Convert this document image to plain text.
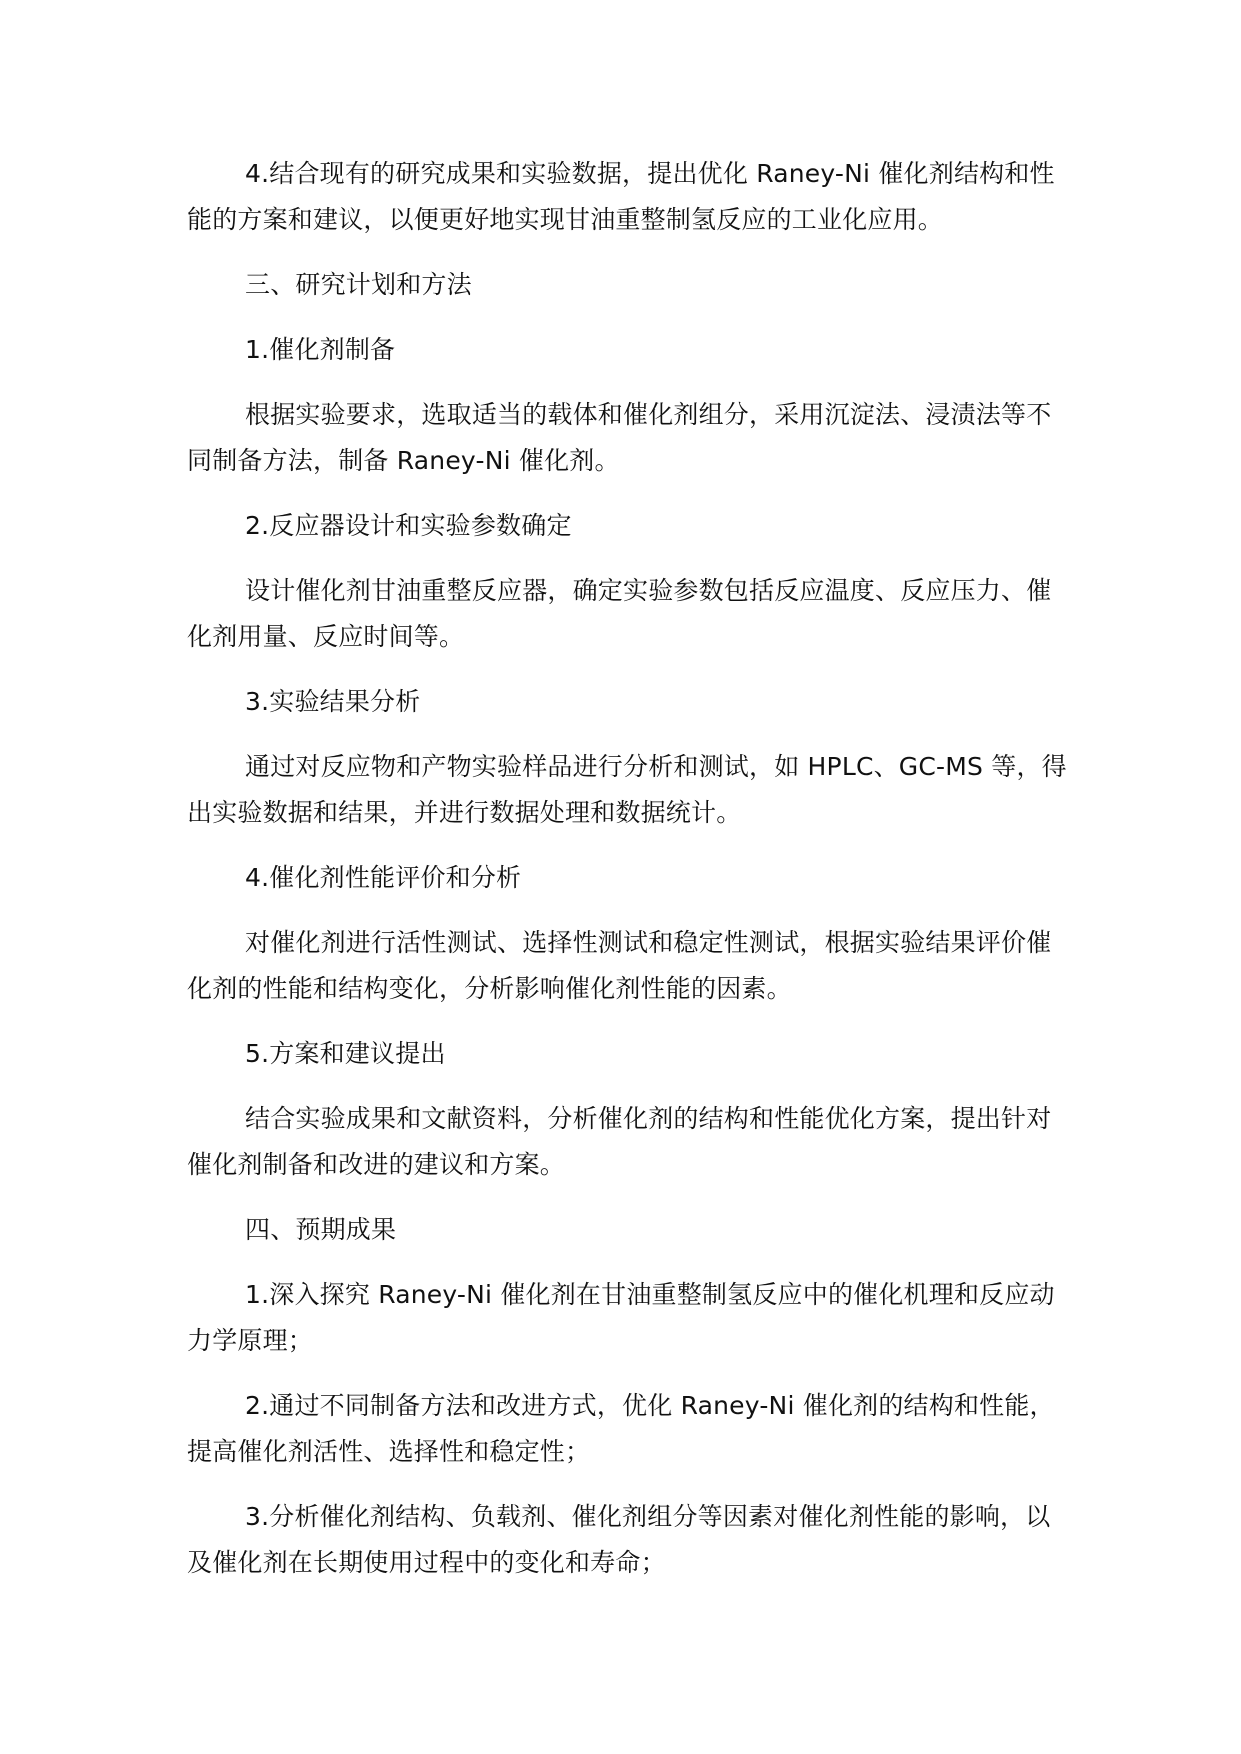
4.结合现有的研究成果和实验数据，提出优化 Raney-Ni 催化剂结构和性能的方案和建议，以便更好地实现甘油重整制氢反应的工业化应用。

三、研究计划和方法

1.催化剂制备

根据实验要求，选取适当的载体和催化剂组分，采用沉淀法、浸渍法等不同制备方法，制备 Raney-Ni 催化剂。

2.反应器设计和实验参数确定

设计催化剂甘油重整反应器，确定实验参数包括反应温度、反应压力、催化剂用量、反应时间等。

3.实验结果分析

通过对反应物和产物实验样品进行分析和测试，如 HPLC、GC-MS 等，得出实验数据和结果，并进行数据处理和数据统计。

4.催化剂性能评价和分析

对催化剂进行活性测试、选择性测试和稳定性测试，根据实验结果评价催化剂的性能和结构变化，分析影响催化剂性能的因素。

5.方案和建议提出

结合实验成果和文献资料，分析催化剂的结构和性能优化方案，提出针对催化剂制备和改进的建议和方案。

四、预期成果

1.深入探究 Raney-Ni 催化剂在甘油重整制氢反应中的催化机理和反应动力学原理；

2.通过不同制备方法和改进方式，优化 Raney-Ni 催化剂的结构和性能，提高催化剂活性、选择性和稳定性；

3.分析催化剂结构、负载剂、催化剂组分等因素对催化剂性能的影响，以及催化剂在长期使用过程中的变化和寿命；
